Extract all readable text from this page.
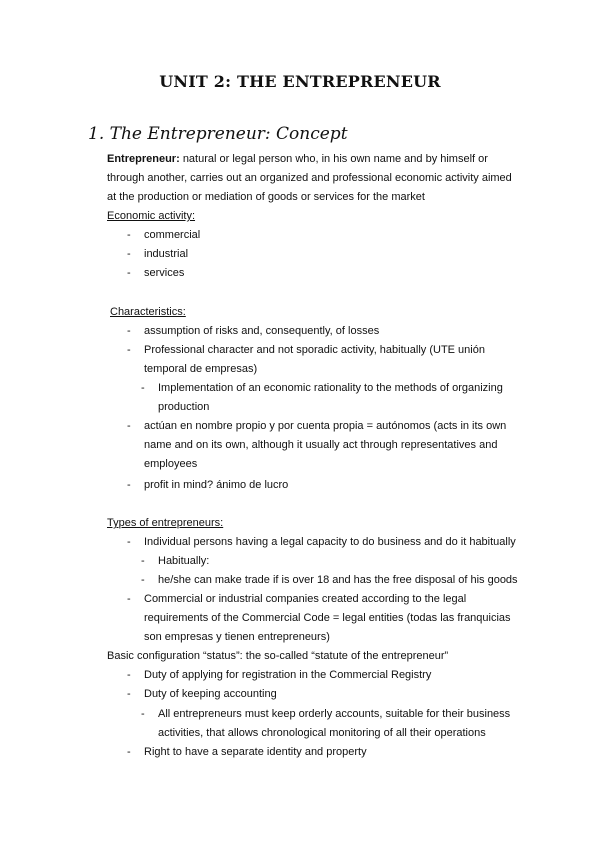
UNIT 2: THE ENTREPRENEUR
1. The Entrepreneur: Concept
Entrepreneur: natural or legal person who, in his own name and by himself or
through another, carries out an organized and professional economic activity aimed
at the production or mediation of goods or services for the market
Economic activity:
-	commercial
-	industrial
-	services
Characteristics:
-	assumption of risks and, consequently, of losses
-	Professional character and not sporadic activity, habitually (UTE unión
temporal de empresas)
-	Implementation of an economic rationality to the methods of organizing
production
-	actúan en nombre propio y por cuenta propia = autónomos (acts in its own
name and on its own, although it usually act through representatives and
employees
-	profit in mind? ánimo de lucro
Types of entrepreneurs:
-	Individual persons having a legal capacity to do business and do it habitually
-	Habitually:
-	he/she can make trade if is over 18 and has the free disposal of his goods
-	Commercial or industrial companies created according to the legal
requirements of the Commercial Code = legal entities (todas las franquicias
son empresas y tienen entrepreneurs)
Basic configuration “status”: the so-called “statute of the entrepreneur”
-	Duty of applying for registration in the Commercial Registry
-	Duty of keeping accounting
-	All entrepreneurs must keep orderly accounts, suitable for their business
activities, that allows chronological monitoring of all their operations
-	Right to have a separate identity and property
